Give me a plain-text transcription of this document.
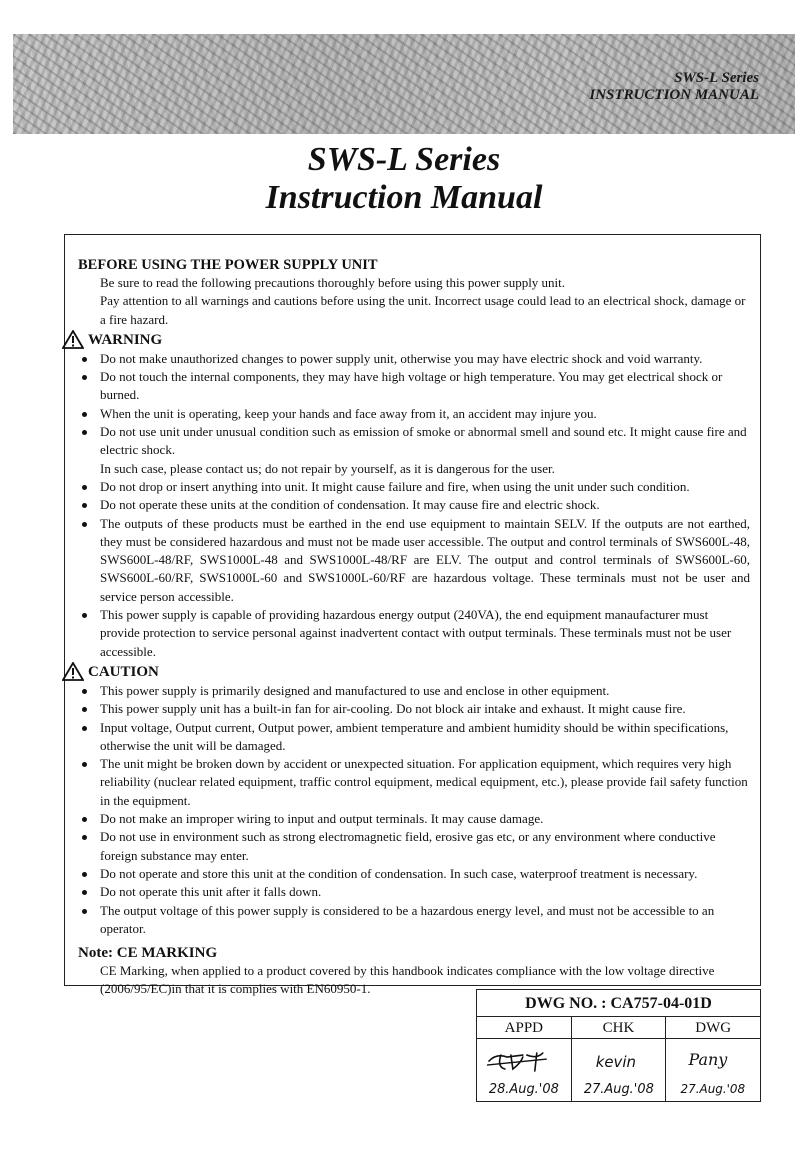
SWS-L Series
INSTRUCTION MANUAL
SWS-L Series
Instruction Manual
BEFORE USING THE POWER SUPPLY UNIT
Be sure to read the following precautions thoroughly before using this power supply unit.
Pay attention to all warnings and cautions before using the unit. Incorrect usage could lead to an electrical shock, damage or a fire hazard.
WARNING
Do not make unauthorized changes to power supply unit, otherwise you may have electric shock and void warranty.
Do not touch the internal components, they may have high voltage or high temperature. You may get electrical shock or burned.
When the unit is operating, keep your hands and face away from it, an accident may injure you.
Do not use unit under unusual condition such as emission of smoke or abnormal smell and sound etc. It might cause fire and electric shock.
In such case, please contact us; do not repair by yourself, as it is dangerous for the user.
Do not drop or insert anything into unit. It might cause failure and fire, when using the unit under such condition.
Do not operate these units at the condition of condensation. It may cause fire and electric shock.
The outputs of these products must be earthed in the end use equipment to maintain SELV. If the outputs are not earthed, they must be considered hazardous and must not be made user accessible. The output and control terminals of SWS600L-48, SWS600L-48/RF, SWS1000L-48 and SWS1000L-48/RF are ELV. The output and control terminals of SWS600L-60, SWS600L-60/RF, SWS1000L-60 and SWS1000L-60/RF are hazardous voltage. These terminals must not be user and service person accessible.
This power supply is capable of providing hazardous energy output (240VA), the end equipment manaufacturer must provide protection to service personal against inadvertent contact with output terminals. These terminals must not be user accessible.
CAUTION
This power supply is primarily designed and manufactured to use and enclose in other equipment.
This power supply unit has a built-in fan for air-cooling. Do not block air intake and exhaust. It might cause fire.
Input voltage, Output current, Output power, ambient temperature and ambient humidity should be within specifications, otherwise the unit will be damaged.
The unit might be broken down by accident or unexpected situation. For application equipment, which requires very high reliability (nuclear related equipment, traffic control equipment, medical equipment, etc.), please provide fail safety function in the equipment.
Do not make an improper wiring to input and output terminals. It may cause damage.
Do not use in environment such as strong electromagnetic field, erosive gas etc, or any environment where conductive foreign substance may enter.
Do not operate and store this unit at the condition of condensation. In such case, waterproof treatment is necessary.
Do not operate this unit after it falls down.
The output voltage of this power supply is considered to be a hazardous energy level, and must not be accessible to an operator.
Note: CE MARKING
CE Marking, when applied to a product covered by this handbook indicates compliance with the low voltage directive (2006/95/EC)in that it is complies with EN60950-1.
DWG NO. : CA757-04-01D
APPD	CHK	DWG
28.Aug.'08
kevin
27.Aug.'08
Pany
27.Aug.'08
